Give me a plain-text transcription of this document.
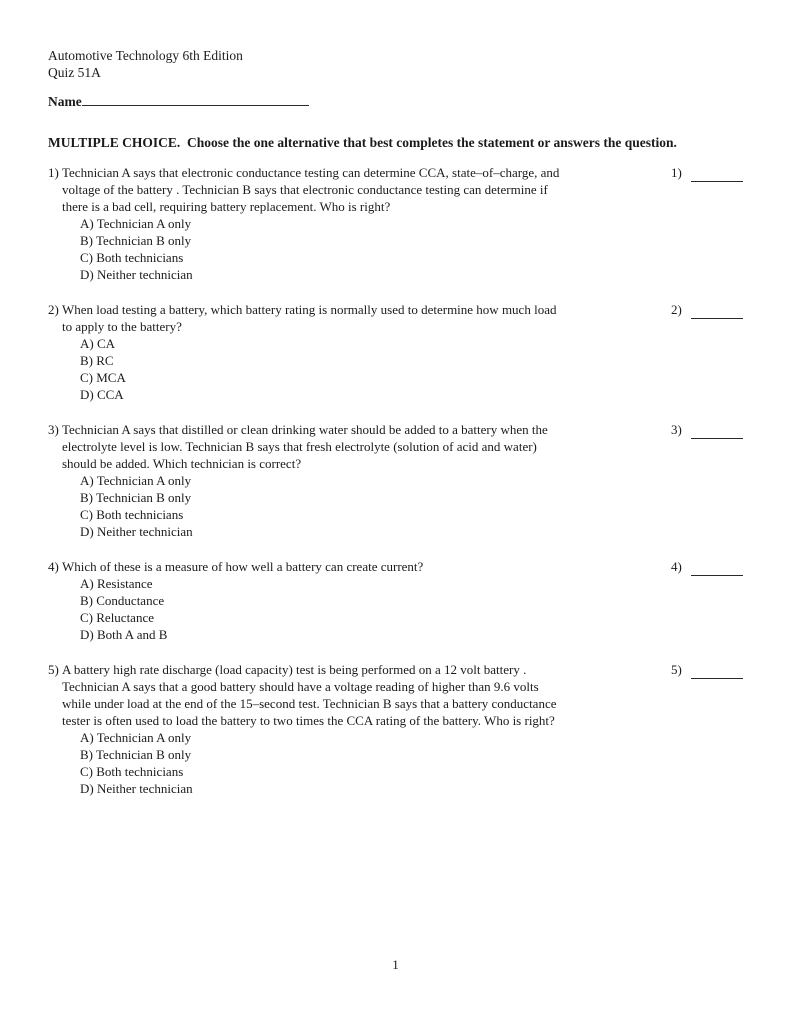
Automotive Technology 6th Edition
Quiz 51A
Name
MULTIPLE CHOICE.  Choose the one alternative that best completes the statement or answers the question.
1) Technician A says that electronic conductance testing can determine CCA, state–of–charge, and
voltage of the battery . Technician B says that electronic conductance testing can determine if
there is a bad cell, requiring battery replacement. Who is right?
A) Technician A only
B) Technician B only
C) Both technicians
D) Neither technician
1)
2) When load testing a battery, which battery rating is normally used to determine how much load
to apply to the battery?
A) CA
B) RC
C) MCA
D) CCA
2)
3) Technician A says that distilled or clean drinking water should be added to a battery when the
electrolyte level is low. Technician B says that fresh electrolyte (solution of acid and water)
should be added. Which technician is correct?
A) Technician A only
B) Technician B only
C) Both technicians
D) Neither technician
3)
4) Which of these is a measure of how well a battery can create current?
A) Resistance
B) Conductance
C) Reluctance
D) Both A and B
4)
5) A battery high rate discharge (load capacity) test is being performed on a 12 volt battery .
Technician A says that a good battery should have a voltage reading of higher than 9.6 volts
while under load at the end of the 15–second test. Technician B says that a battery conductance
tester is often used to load the battery to two times the CCA rating of the battery. Who is right?
A) Technician A only
B) Technician B only
C) Both technicians
D) Neither technician
5)
1
